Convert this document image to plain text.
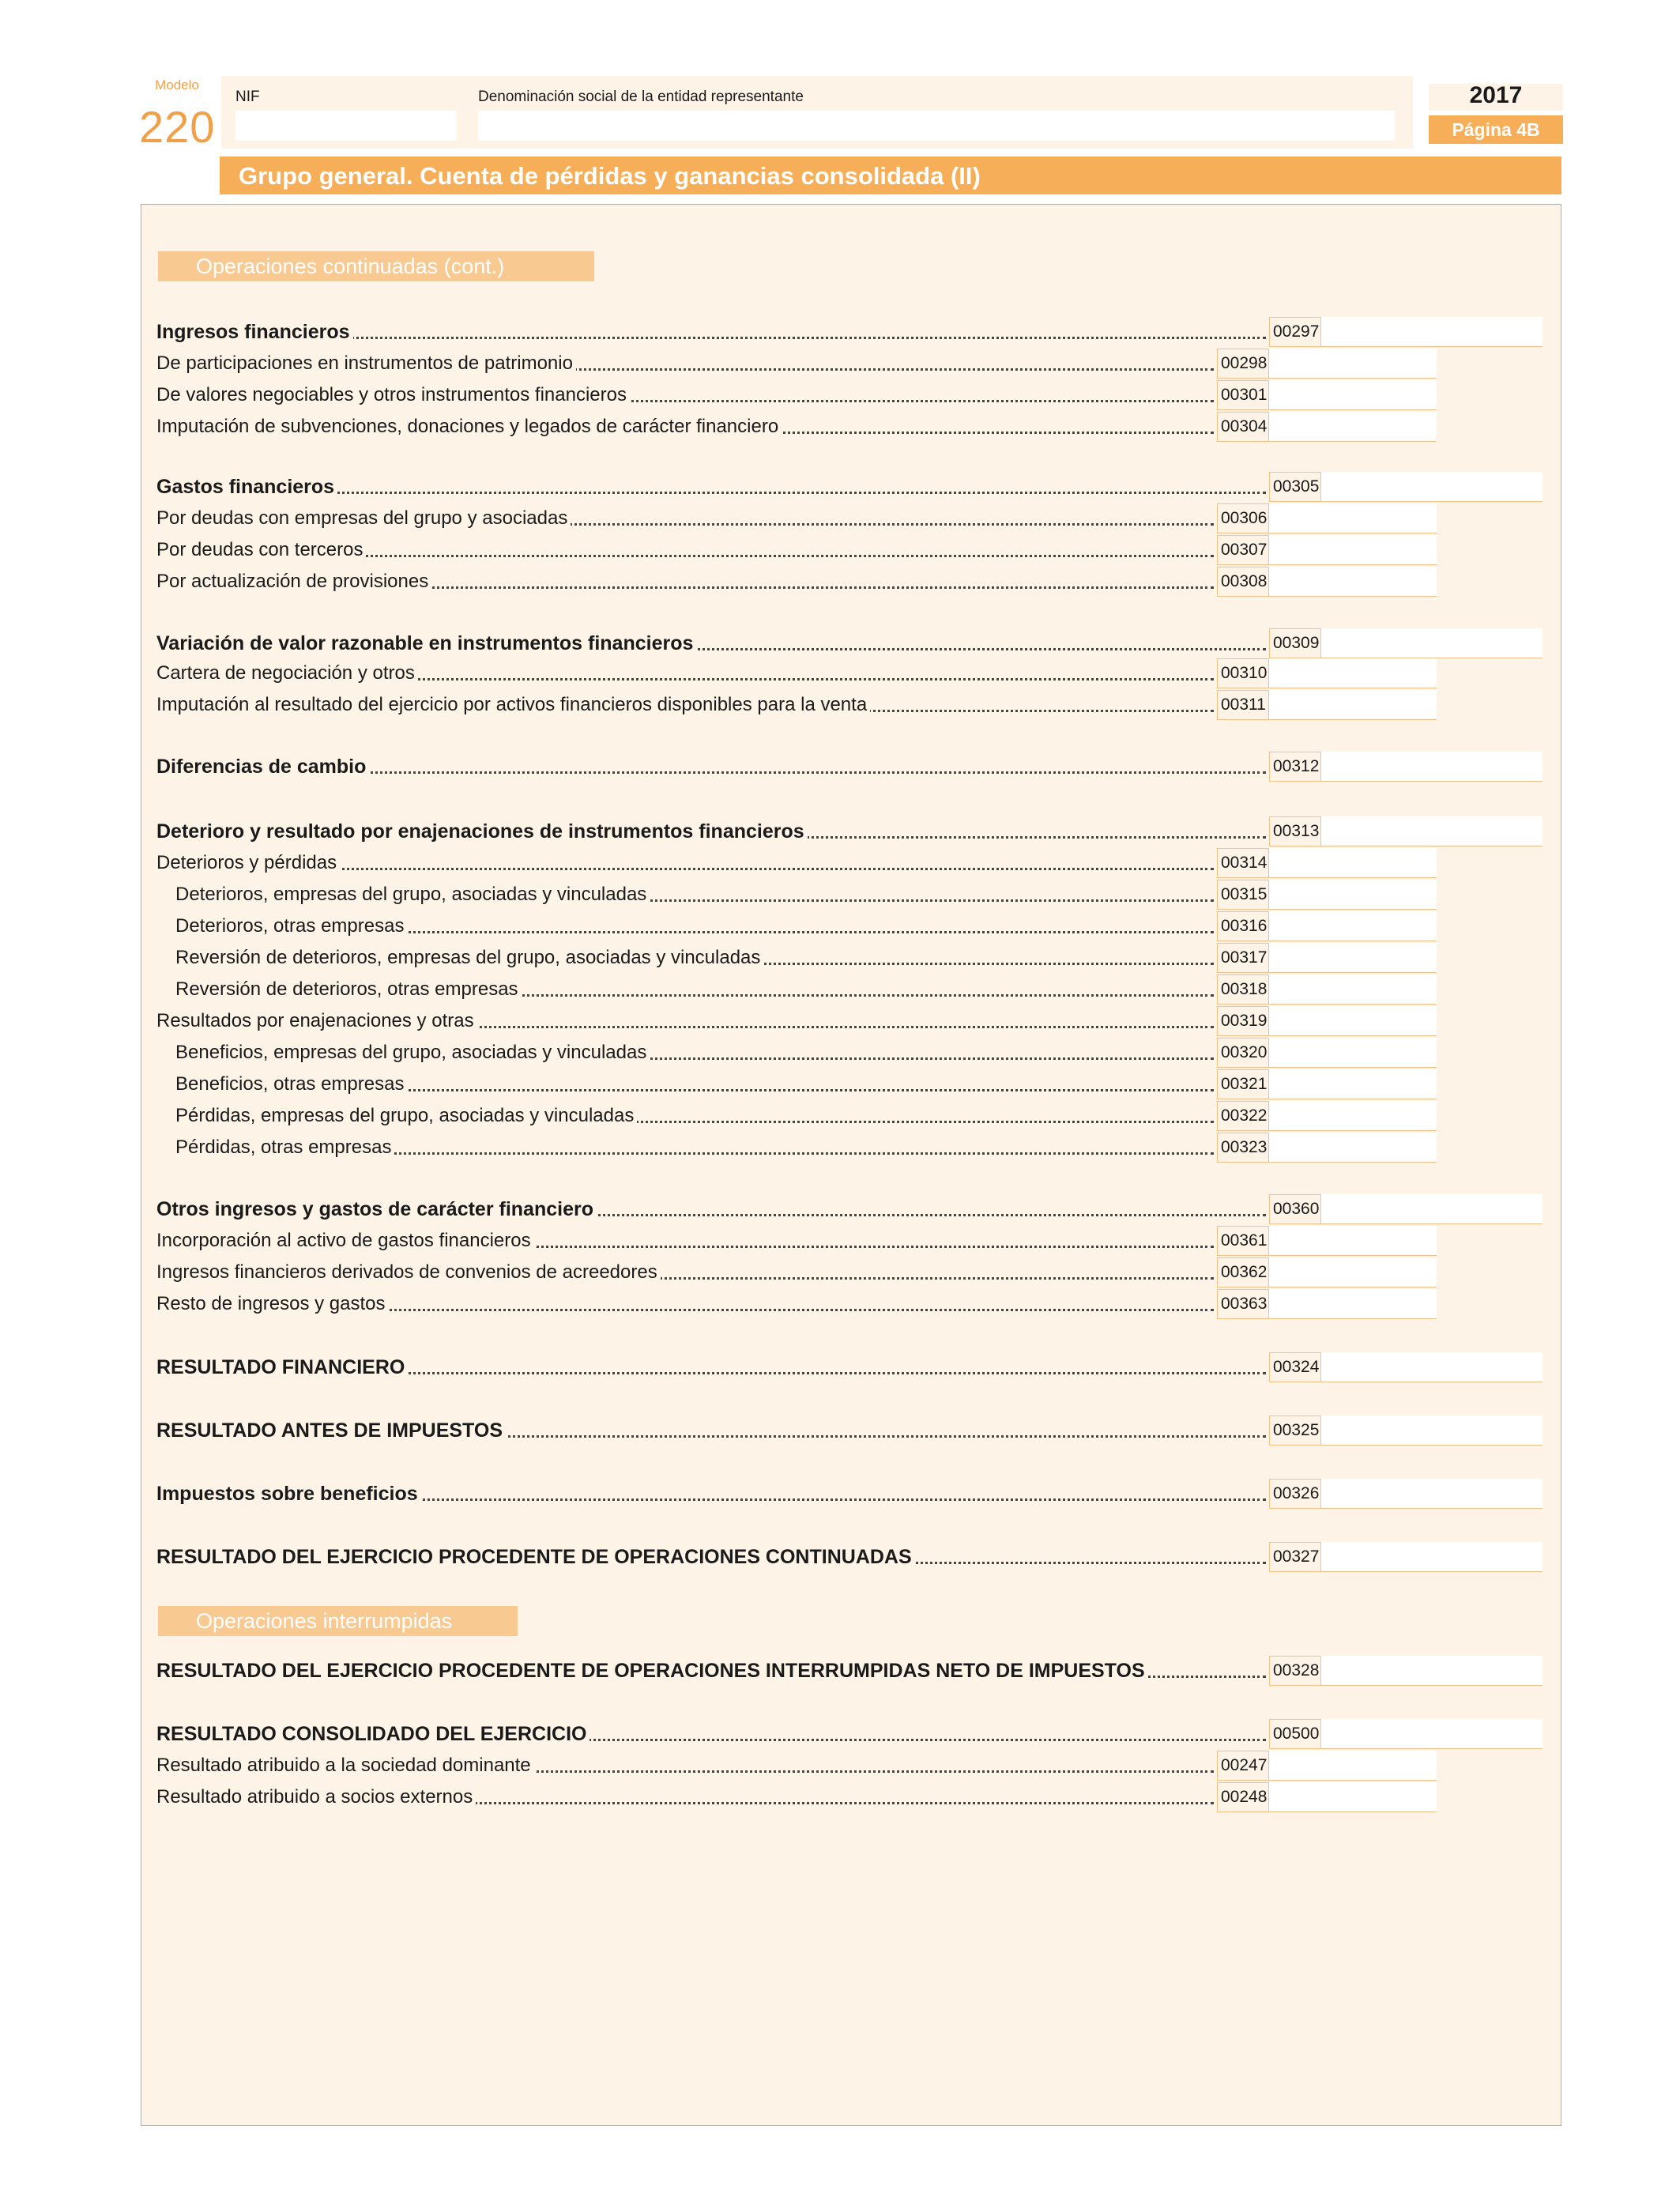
Modelo
220
NIF	Denominación social de la entidad representante	2017
Página 4B
Grupo general. Cuenta de pérdidas y ganancias consolidada (II)
Operaciones continuadas (cont.)
Operaciones interrumpidas
Ingresos financieros	00297
De participaciones en instrumentos de patrimonio	00298
De valores negociables y otros instrumentos financieros	00301
Imputación de subvenciones, donaciones y legados de carácter financiero	00304
Gastos financieros	00305
Por deudas con empresas del grupo y asociadas	00306
Por deudas con terceros	00307
Por actualización de provisiones	00308
Variación de valor razonable en instrumentos financieros	00309
Cartera de negociación y otros	00310
Imputación al resultado del ejercicio por activos financieros disponibles para la venta	00311
Diferencias de cambio	00312
Deterioro y resultado por enajenaciones de instrumentos financieros	00313
Deterioros y pérdidas	00314
Deterioros, empresas del grupo, asociadas y vinculadas	00315
Deterioros, otras empresas	00316
Reversión de deterioros, empresas del grupo, asociadas y vinculadas	00317
Reversión de deterioros, otras empresas	00318
Resultados por enajenaciones y otras	00319
Beneficios, empresas del grupo, asociadas y vinculadas	00320
Beneficios, otras empresas	00321
Pérdidas, empresas del grupo, asociadas y vinculadas	00322
Pérdidas, otras empresas	00323
Otros ingresos y gastos de carácter financiero	00360
Incorporación al activo de gastos financieros	00361
Ingresos financieros derivados de convenios de acreedores	00362
Resto de ingresos y gastos	00363
RESULTADO FINANCIERO	00324
RESULTADO ANTES DE IMPUESTOS	00325
Impuestos sobre beneficios	00326
RESULTADO DEL EJERCICIO PROCEDENTE DE OPERACIONES CONTINUADAS	00327
RESULTADO DEL EJERCICIO PROCEDENTE DE OPERACIONES INTERRUMPIDAS NETO DE IMPUESTOS	00328
RESULTADO CONSOLIDADO DEL EJERCICIO	00500
Resultado atribuido a la sociedad dominante	00247
Resultado atribuido a socios externos	00248
